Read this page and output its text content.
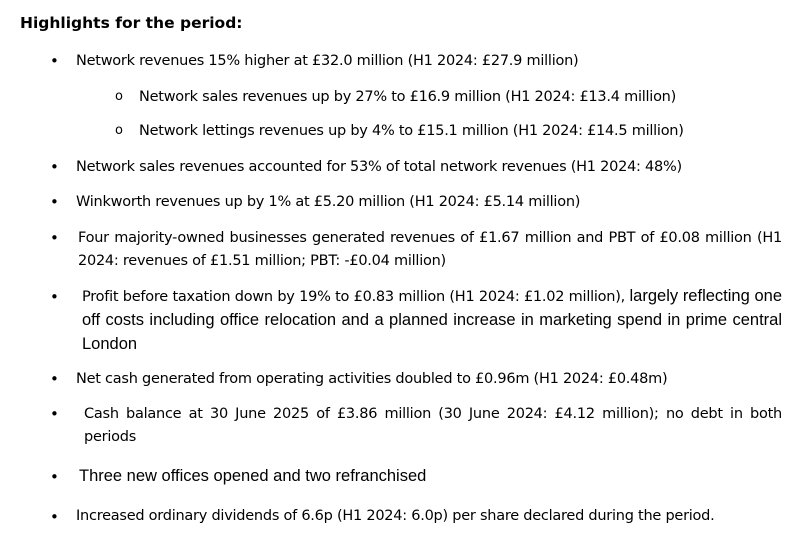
Highlights for the period:
• Network revenues 15% higher at £32.0 million (H1 2024: £27.9 million)
o Network sales revenues up by 27% to £16.9 million (H1 2024: £13.4 million)
o Network lettings revenues up by 4% to £15.1 million (H1 2024: £14.5 million)
• Network sales revenues accounted for 53% of total network revenues (H1 2024: 48%)
• Winkworth revenues up by 1% at £5.20 million (H1 2024: £5.14 million)
• Four majority-owned businesses generated revenues of £1.67 million and PBT of £0.08 million (H1 2024: revenues of £1.51 million; PBT: -£0.04 million)
• Profit before taxation down by 19% to £0.83 million (H1 2024: £1.02 million), largely reflecting one off costs including office relocation and a planned increase in marketing spend in prime central London
• Net cash generated from operating activities doubled to £0.96m (H1 2024: £0.48m)
• Cash balance at 30 June 2025 of £3.86 million (30 June 2024: £4.12 million); no debt in both periods
• Three new offices opened and two refranchised
• Increased ordinary dividends of 6.6p (H1 2024: 6.0p) per share declared during the period.
